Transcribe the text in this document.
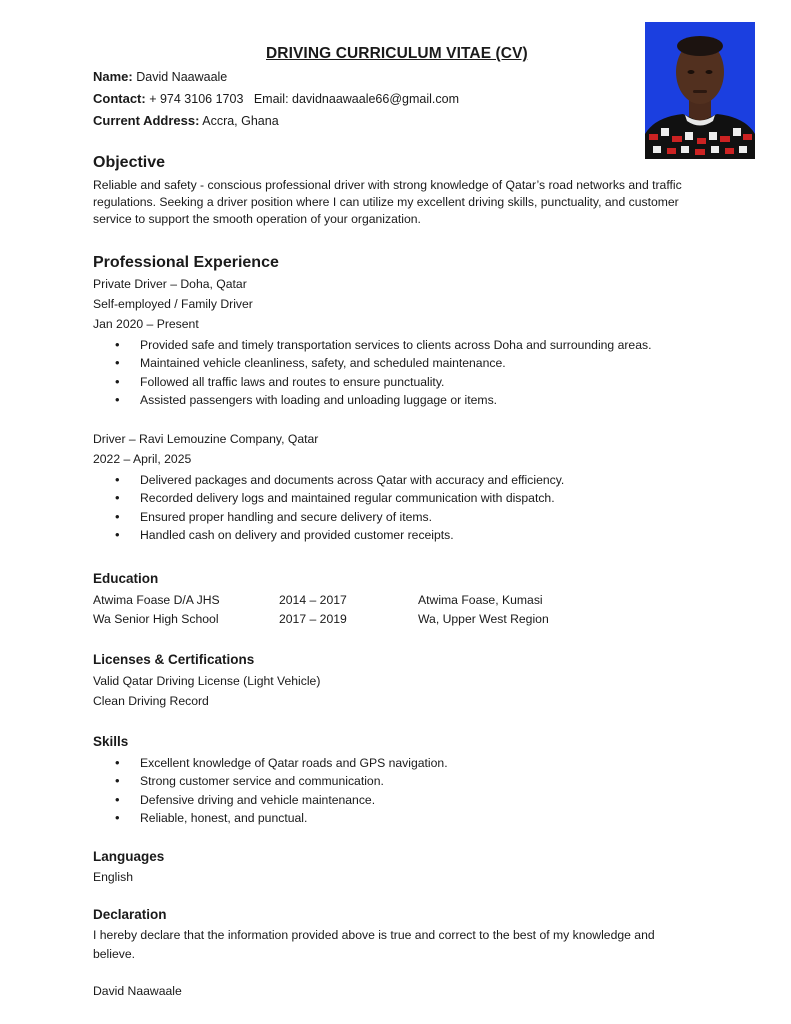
DRIVING CURRICULUM VITAE (CV)
Name: David Naawaale
Contact: + 974 3106 1703 Email: davidnaawaale66@gmail.com
Current Address: Accra, Ghana
Objective
Reliable and safety - conscious professional driver with strong knowledge of Qatar’s road networks and traffic regulations. Seeking a driver position where I can utilize my excellent driving skills, punctuality, and customer service to support the smooth operation of your organization.
Professional Experience
Private Driver – Doha, Qatar
Self-employed / Family Driver
Jan 2020 – Present
• Provided safe and timely transportation services to clients across Doha and surrounding areas.
• Maintained vehicle cleanliness, safety, and scheduled maintenance.
• Followed all traffic laws and routes to ensure punctuality.
• Assisted passengers with loading and unloading luggage or items.
Driver – Ravi Lemouzine Company, Qatar
2022 – April, 2025
• Delivered packages and documents across Qatar with accuracy and efficiency.
• Recorded delivery logs and maintained regular communication with dispatch.
• Ensured proper handling and secure delivery of items.
• Handled cash on delivery and provided customer receipts.
Education
Atwima Foase D/A JHS	2014 – 2017	Atwima Foase, Kumasi
Wa Senior High School	2017 – 2019	Wa, Upper West Region
Licenses & Certifications
Valid Qatar Driving License (Light Vehicle)
Clean Driving Record
Skills
• Excellent knowledge of Qatar roads and GPS navigation.
• Strong customer service and communication.
• Defensive driving and vehicle maintenance.
• Reliable, honest, and punctual.
Languages
English
Declaration
I hereby declare that the information provided above is true and correct to the best of my knowledge and believe.
David Naawaale
